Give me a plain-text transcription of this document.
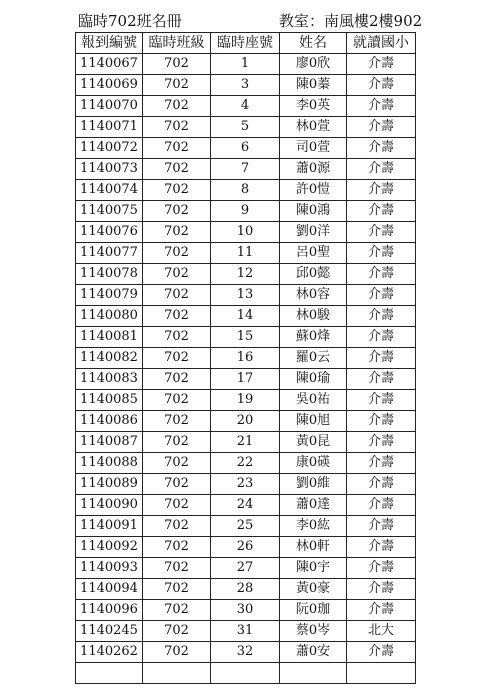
臨時702班名冊	教室：南風樓2樓902
報到編號	臨時班級	臨時座號	姓名	就讀國小
1140067	702	1	廖0欣	介壽
1140069	702	3	陳0蓁	介壽
1140070	702	4	李0英	介壽
1140071	702	5	林0萱	介壽
1140072	702	6	司0萱	介壽
1140073	702	7	蕭0源	介壽
1140074	702	8	許0愷	介壽
1140075	702	9	陳0鴻	介壽
1140076	702	10	劉0洋	介壽
1140077	702	11	呂0聖	介壽
1140078	702	12	邱0懿	介壽
1140079	702	13	林0容	介壽
1140080	702	14	林0駿	介壽
1140081	702	15	蘇0烽	介壽
1140082	702	16	羅0云	介壽
1140083	702	17	陳0瑜	介壽
1140085	702	19	吳0祐	介壽
1140086	702	20	陳0旭	介壽
1140087	702	21	黃0昆	介壽
1140088	702	22	康0碤	介壽
1140089	702	23	劉0維	介壽
1140090	702	24	蕭0達	介壽
1140091	702	25	李0紘	介壽
1140092	702	26	林0軒	介壽
1140093	702	27	陳0宇	介壽
1140094	702	28	黃0豪	介壽
1140096	702	30	阮0珈	介壽
1140245	702	31	蔡0岑	北大
1140262	702	32	蕭0安	介壽
